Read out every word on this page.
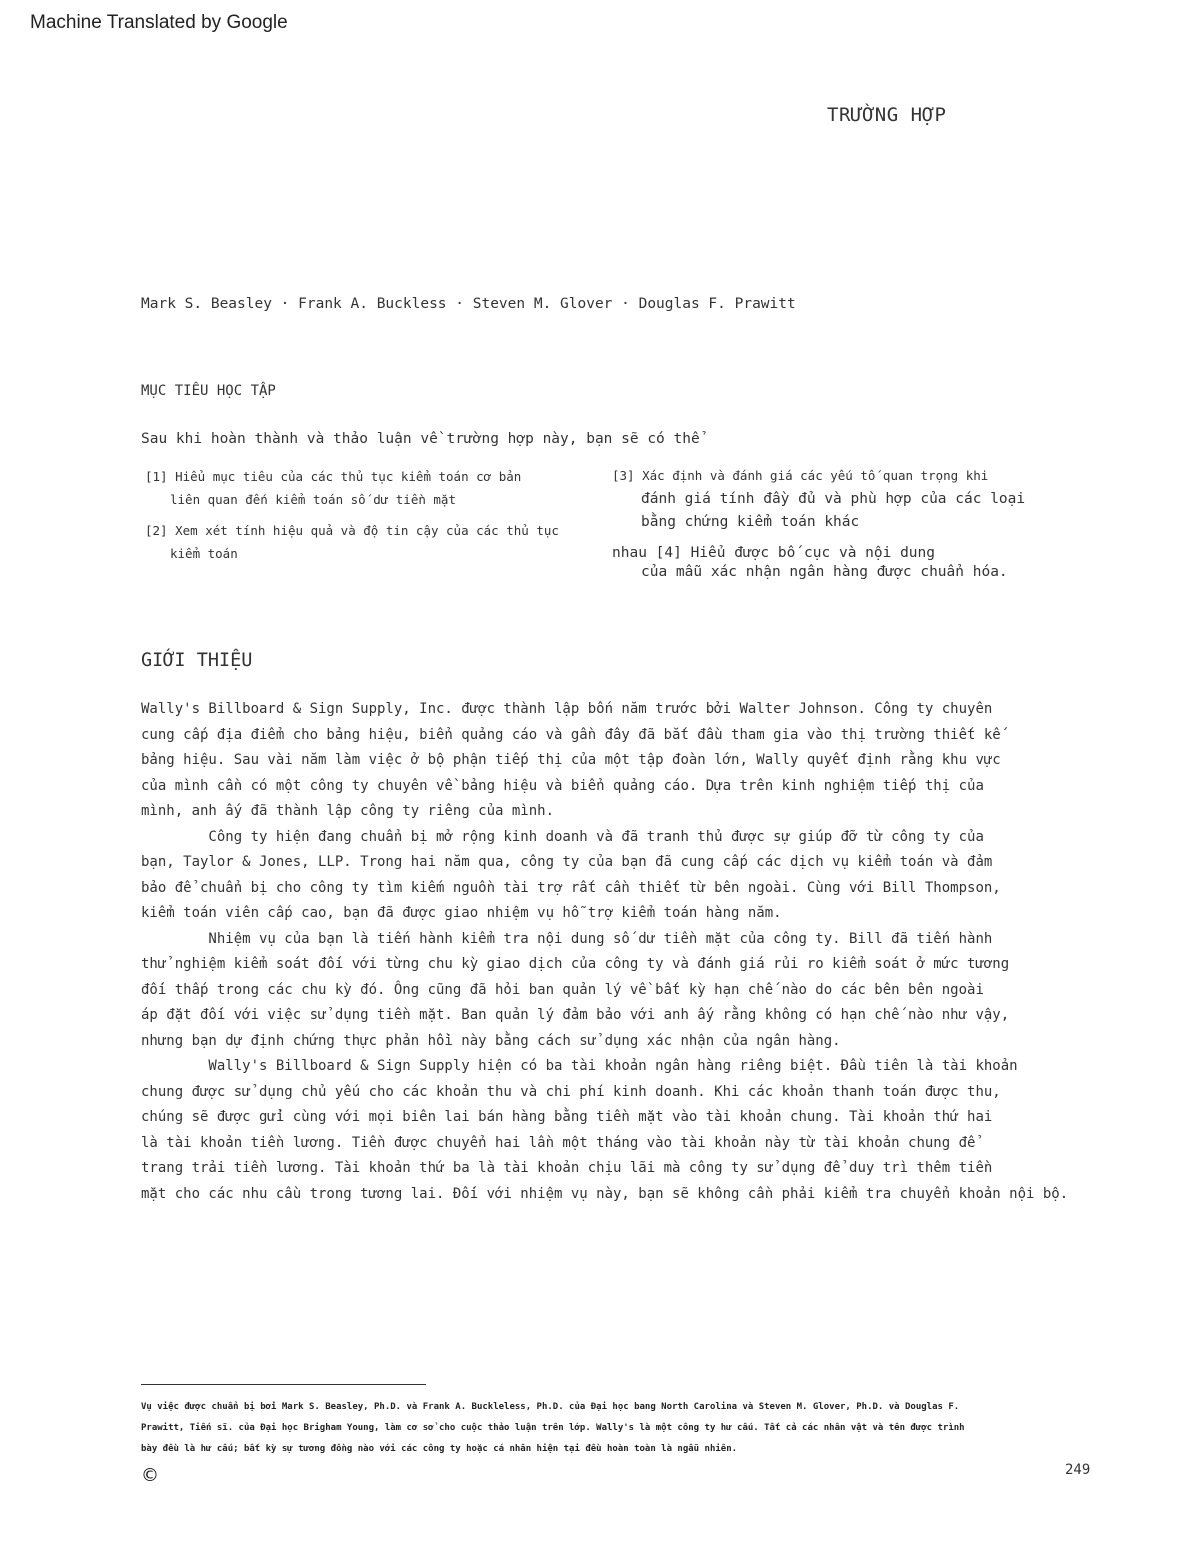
Machine Translated by Google
TRƯỜNG HỢP
Mark S. Beasley · Frank A. Buckless · Steven M. Glover · Douglas F. Prawitt
MỤC TIÊU HỌC TẬP
Sau khi hoàn thành và thảo luận về trường hợp này, bạn sẽ có thể
[1] Hiểu mục tiêu của các thủ tục kiểm toán cơ bản
liên quan đến kiểm toán số dư tiền mặt
[2] Xem xét tính hiệu quả và độ tin cậy của các thủ tục
kiểm toán
[3] Xác định và đánh giá các yếu tố quan trọng khi
đánh giá tính đầy đủ và phù hợp của các loại
bằng chứng kiểm toán khác
nhau [4] Hiểu được bố cục và nội dung
của mẫu xác nhận ngân hàng được chuẩn hóa.
GIỚI THIỆU

Wally's Billboard & Sign Supply, Inc. được thành lập bốn năm trước bởi Walter Johnson. Công ty chuyên

cung cấp địa điểm cho bảng hiệu, biển quảng cáo và gần đây đã bắt đầu tham gia vào thị trường thiết kế

bảng hiệu. Sau vài năm làm việc ở bộ phận tiếp thị của một tập đoàn lớn, Wally quyết định rằng khu vực

của mình cần có một công ty chuyên về bảng hiệu và biển quảng cáo. Dựa trên kinh nghiệm tiếp thị của

mình, anh ấy đã thành lập công ty riêng của mình.

Công ty hiện đang chuẩn bị mở rộng kinh doanh và đã tranh thủ được sự giúp đỡ từ công ty của

bạn, Taylor & Jones, LLP. Trong hai năm qua, công ty của bạn đã cung cấp các dịch vụ kiểm toán và đảm

bảo để chuẩn bị cho công ty tìm kiếm nguồn tài trợ rất cần thiết từ bên ngoài. Cùng với Bill Thompson,

kiểm toán viên cấp cao, bạn đã được giao nhiệm vụ hỗ trợ kiểm toán hàng năm.

Nhiệm vụ của bạn là tiến hành kiểm tra nội dung số dư tiền mặt của công ty. Bill đã tiến hành

thử nghiệm kiểm soát đối với từng chu kỳ giao dịch của công ty và đánh giá rủi ro kiểm soát ở mức tương

đối thấp trong các chu kỳ đó. Ông cũng đã hỏi ban quản lý về bất kỳ hạn chế nào do các bên bên ngoài

áp đặt đối với việc sử dụng tiền mặt. Ban quản lý đảm bảo với anh ấy rằng không có hạn chế nào như vậy,

nhưng bạn dự định chứng thực phản hồi này bằng cách sử dụng xác nhận của ngân hàng.

Wally's Billboard & Sign Supply hiện có ba tài khoản ngân hàng riêng biệt. Đầu tiên là tài khoản

chung được sử dụng chủ yếu cho các khoản thu và chi phí kinh doanh. Khi các khoản thanh toán được thu,

chúng sẽ được gửi cùng với mọi biên lai bán hàng bằng tiền mặt vào tài khoản chung. Tài khoản thứ hai

là tài khoản tiền lương. Tiền được chuyển hai lần một tháng vào tài khoản này từ tài khoản chung để

trang trải tiền lương. Tài khoản thứ ba là tài khoản chịu lãi mà công ty sử dụng để duy trì thêm tiền

mặt cho các nhu cầu trong tương lai. Đối với nhiệm vụ này, bạn sẽ không cần phải kiểm tra chuyển khoản nội bộ.

Vụ việc được chuẩn bị bởi Mark S. Beasley, Ph.D. và Frank A. Buckleless, Ph.D. của Đại học bang North Carolina và Steven M. Glover, Ph.D. và Douglas F.

Prawitt, Tiến sĩ. của Đại học Brigham Young, làm cơ sở cho cuộc thảo luận trên lớp. Wally's là một công ty hư cấu. Tất cả các nhân vật và tên được trình

bày đều là hư cấu; bất kỳ sự tương đồng nào với các công ty hoặc cá nhân hiện tại đều hoàn toàn là ngẫu nhiên.

©	249
